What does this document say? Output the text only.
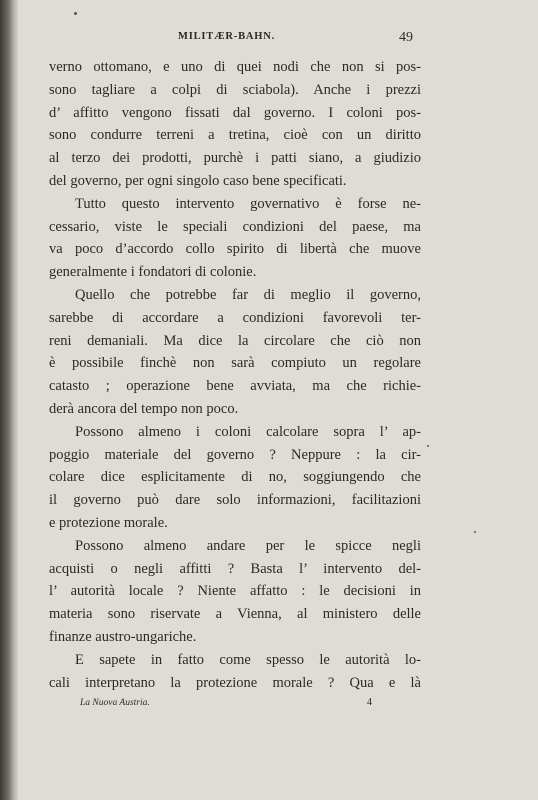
MILITÆR-BAHN.	49
verno ottomano, e uno di quei nodi che non si pos-
sono tagliare a colpi di sciabola). Anche i prezzi
d’ affitto vengono fissati dal governo. I coloni pos-
sono condurre terreni a tretina, cioè con un diritto
al terzo dei prodotti, purchè i patti siano, a giudizio
del governo, per ogni singolo caso bene specificati.
Tutto questo intervento governativo è forse ne-
cessario, viste le speciali condizioni del paese, ma
va poco d’accordo collo spirito di libertà che muove
generalmente i fondatori di colonie.
Quello che potrebbe far di meglio il governo,
sarebbe di accordare a condizioni favorevoli ter-
reni demaniali. Ma dice la circolare che ciò non
è possibile finchè non sarà compiuto un regolare
catasto ; operazione bene avviata, ma che richie-
derà ancora del tempo non poco.
Possono almeno i coloni calcolare sopra l’ ap-
poggio materiale del governo ? Neppure : la cir-
colare dice esplicitamente di no, soggiungendo che
il governo può dare solo informazioni, facilitazioni
e protezione morale.
Possono almeno andare per le spicce negli
acquisti o negli affitti ? Basta l’ intervento del-
l’ autorità locale ? Niente affatto : le decisioni in
materia sono riservate a Vienna, al ministero delle
finanze austro-ungariche.
E sapete in fatto come spesso le autorità lo-
cali interpretano la protezione morale ? Qua e là
La Nuova Austria.	4
